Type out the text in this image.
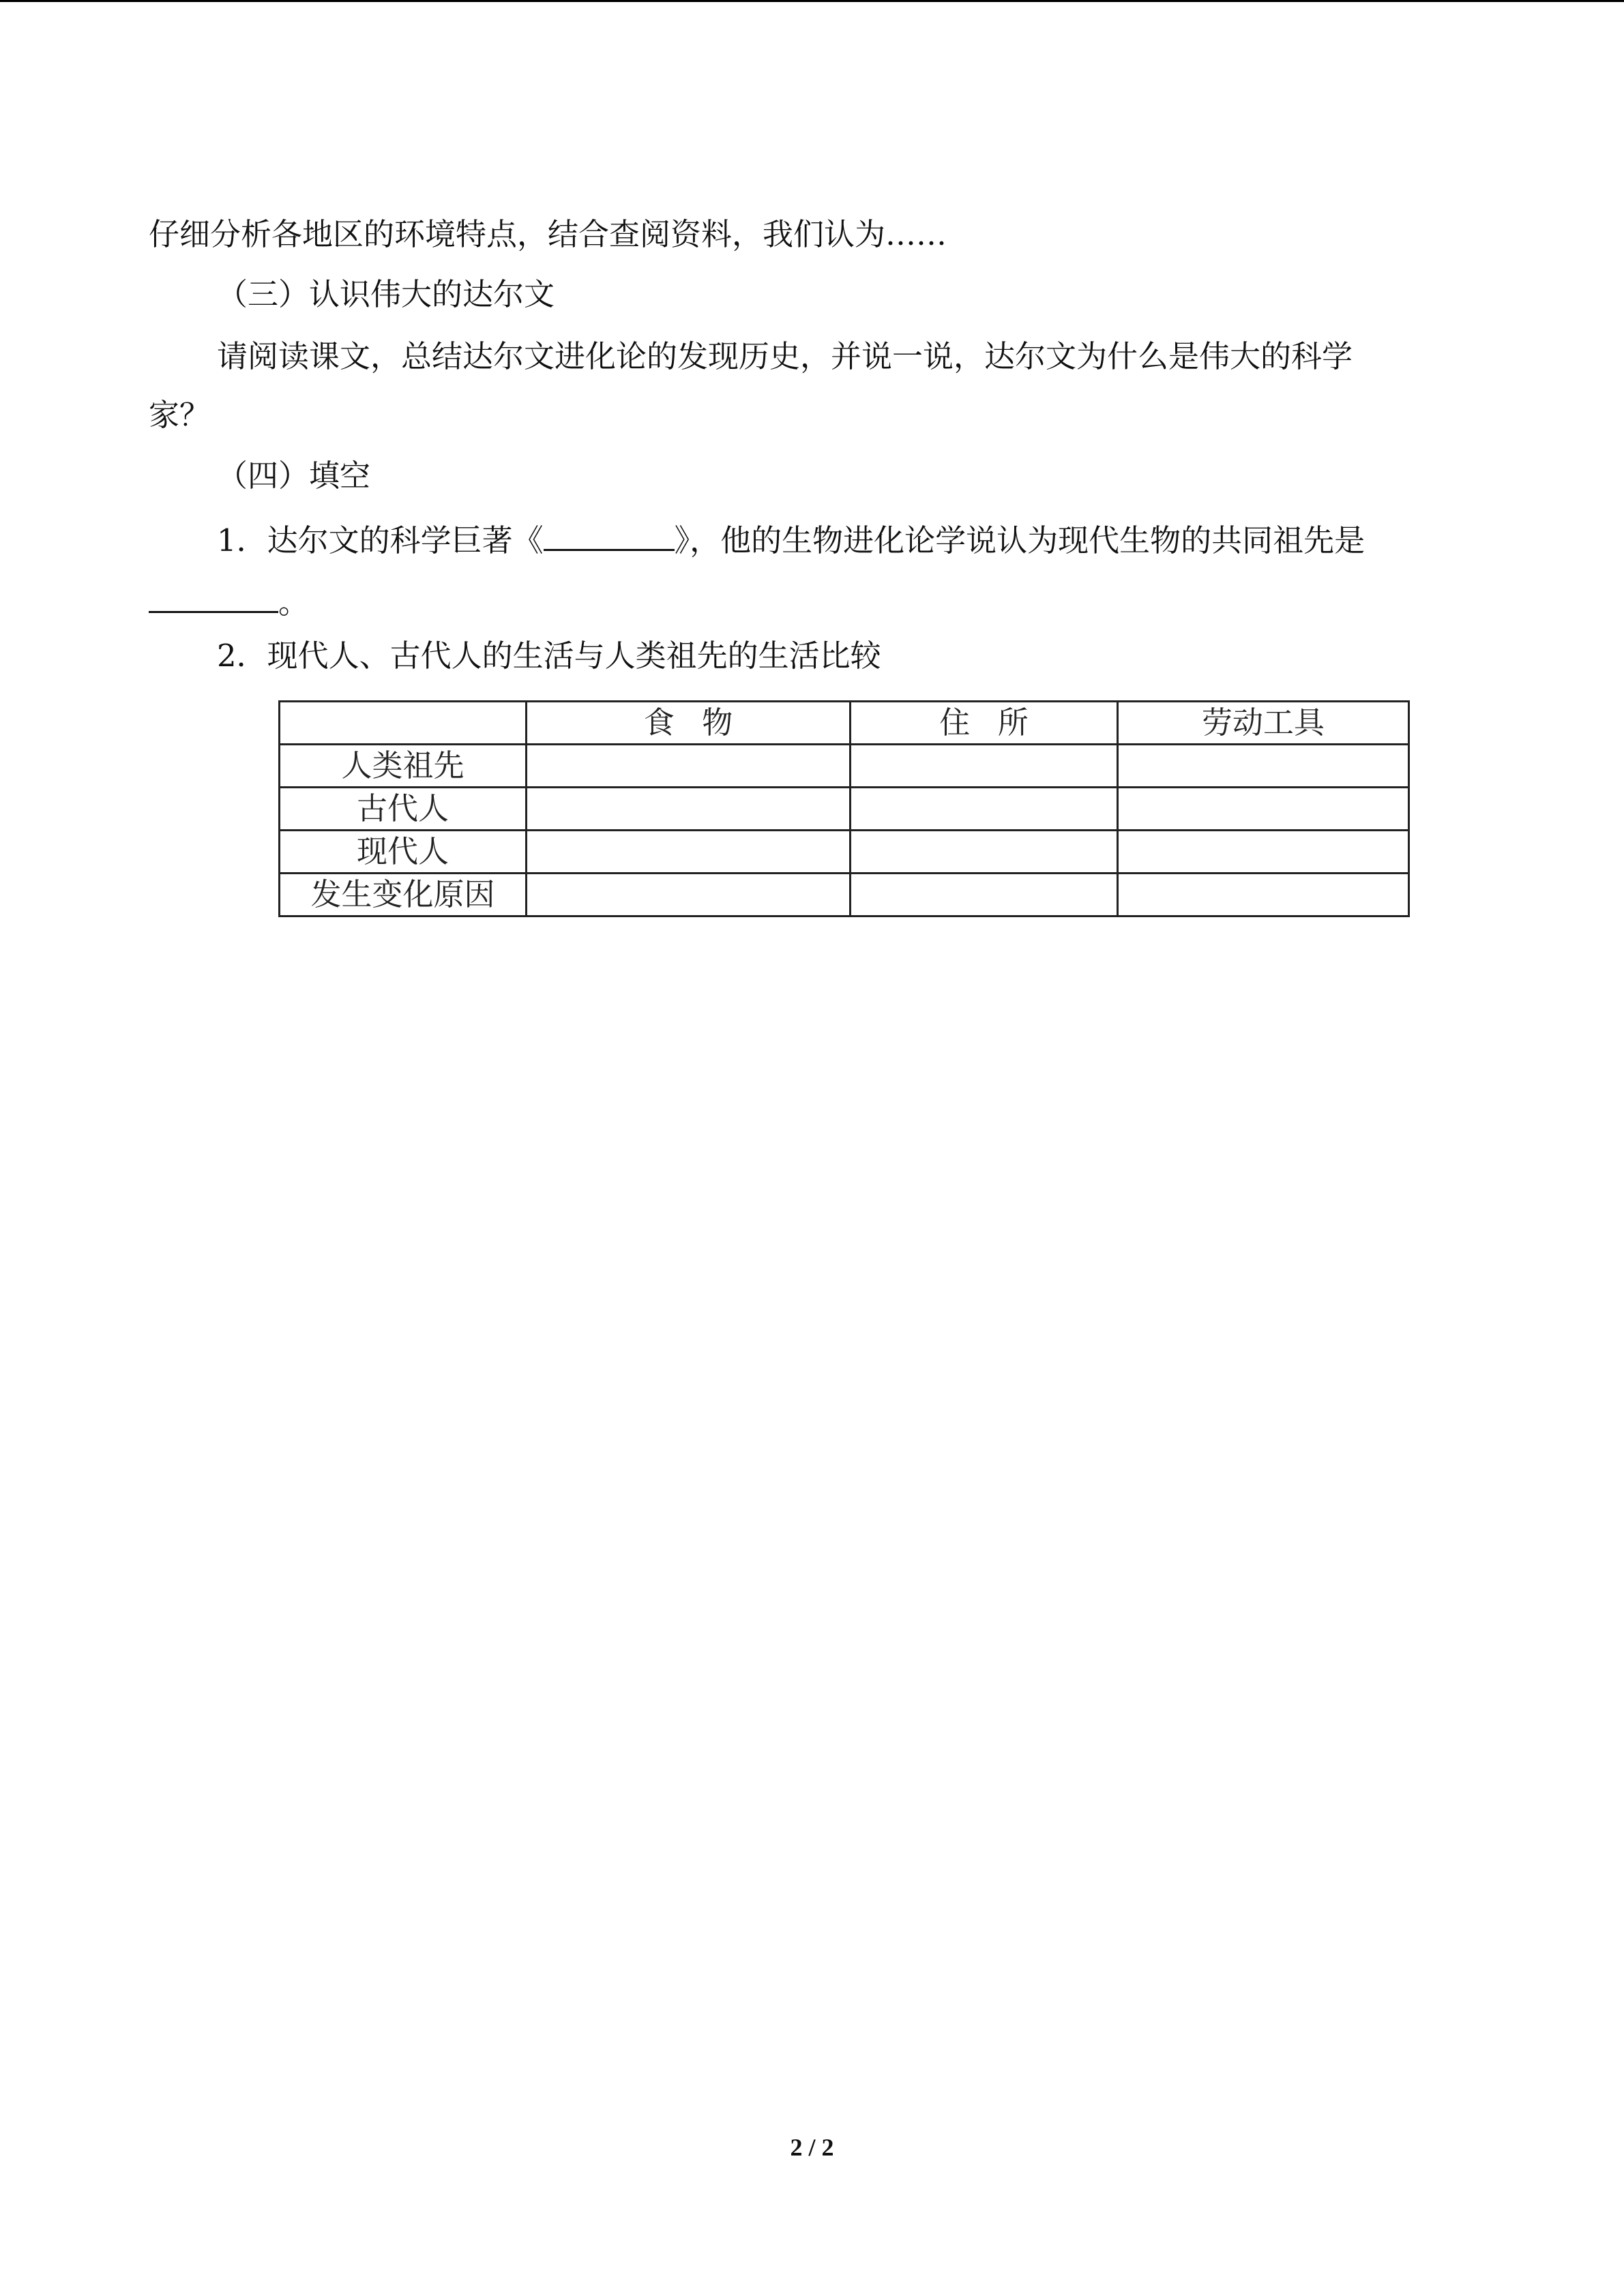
仔细分析各地区的环境特点，结合查阅资料，我们认为……
（三）认识伟大的达尔文
请阅读课文，总结达尔文进化论的发现历史，并说一说，达尔文为什么是伟大的科学
家？
（四）填空
1．达尔文的科学巨著《	》，他的生物进化论学说认为现代生物的共同祖先是
。
2．现代人、古代人的生活与人类祖先的生活比较
	食物	住所	劳动工具
人类祖先			
古代人			
现代人			
发生变化原因			
2 / 2
